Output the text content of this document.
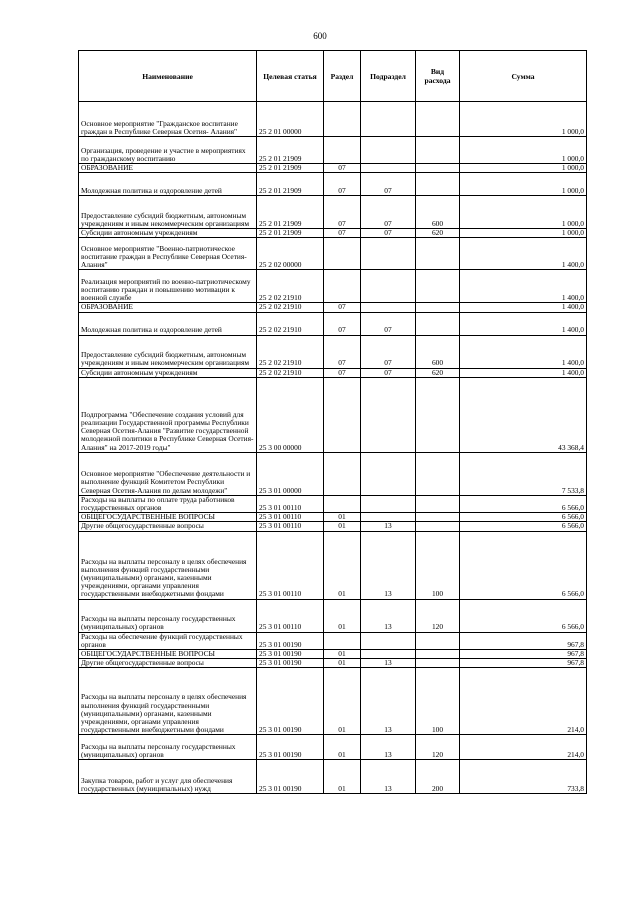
600
Наименование	Целевая статья	Раздел	Подраздел	Вид расхода	Сумма
Основное мероприятие "Гражданское воспитание граждан в Республике Северная Осетия- Алания"	25 2 01 00000				1 000,0
Организация, проведение и участие в мероприятиях по гражданскому воспитанию	25 2 01 21909				1 000,0
ОБРАЗОВАНИЕ	25 2 01 21909	07			1 000,0
Молодежная политика и оздоровление детей	25 2 01 21909	07	07		1 000,0
Предоставление субсидий бюджетным, автономным учреждениям и иным некоммерческим организациям	25 2 01 21909	07	07	600	1 000,0
Субсидии автономным учреждениям	25 2 01 21909	07	07	620	1 000,0
Основное мероприятие "Военно-патриотическое воспитание граждан в Республике Северная Осетия- Алания"	25 2 02 00000				1 400,0
Реализация мероприятий по военно-патриотическому воспитанию граждан и повышению мотивации к военной службе	25 2 02 21910				1 400,0
ОБРАЗОВАНИЕ	25 2 02 21910	07			1 400,0
Молодежная политика и оздоровление детей	25 2 02 21910	07	07		1 400,0
Предоставление субсидий бюджетным, автономным учреждениям и иным некоммерческим организациям	25 2 02 21910	07	07	600	1 400,0
Субсидии автономным учреждениям	25 2 02 21910	07	07	620	1 400,0
Подпрограмма "Обеспечение создания условий для реализации Государственной программы Республики Северная Осетия-Алания "Развитие государственной молодежной политики в Республике Северная Осетия-Алания" на 2017-2019 годы"	25 3 00 00000				43 368,4
Основное мероприятие "Обеспечение деятельности и выполнение функций Комитетом Республики Северная Осетия-Алания по делам молодежи"	25 3 01 00000				7 533,8
Расходы на выплаты по оплате труда работников государственных органов	25 3 01 00110				6 566,0
ОБЩЕГОСУДАРСТВЕННЫЕ ВОПРОСЫ	25 3 01 00110	01			6 566,0
Другие общегосударственные вопросы	25 3 01 00110	01	13		6 566,0
Расходы на выплаты персоналу в целях обеспечения выполнения функций государственными (муниципальными) органами, казенными учреждениями, органами управления государственными внебюджетными фондами	25 3 01 00110	01	13	100	6 566,0
Расходы на выплаты персоналу государственных (муниципальных) органов	25 3 01 00110	01	13	120	6 566,0
Расходы на обеспечение функций государственных органов	25 3 01 00190				967,8
ОБЩЕГОСУДАРСТВЕННЫЕ ВОПРОСЫ	25 3 01 00190	01			967,8
Другие общегосударственные вопросы	25 3 01 00190	01	13		967,8
Расходы на выплаты персоналу в целях обеспечения выполнения функций государственными (муниципальными) органами, казенными учреждениями, органами управления государственными внебюджетными фондами	25 3 01 00190	01	13	100	214,0
Расходы на выплаты персоналу государственных (муниципальных) органов	25 3 01 00190	01	13	120	214,0
Закупка товаров, работ и услуг для обеспечения государственных (муниципальных) нужд	25 3 01 00190	01	13	200	733,8
